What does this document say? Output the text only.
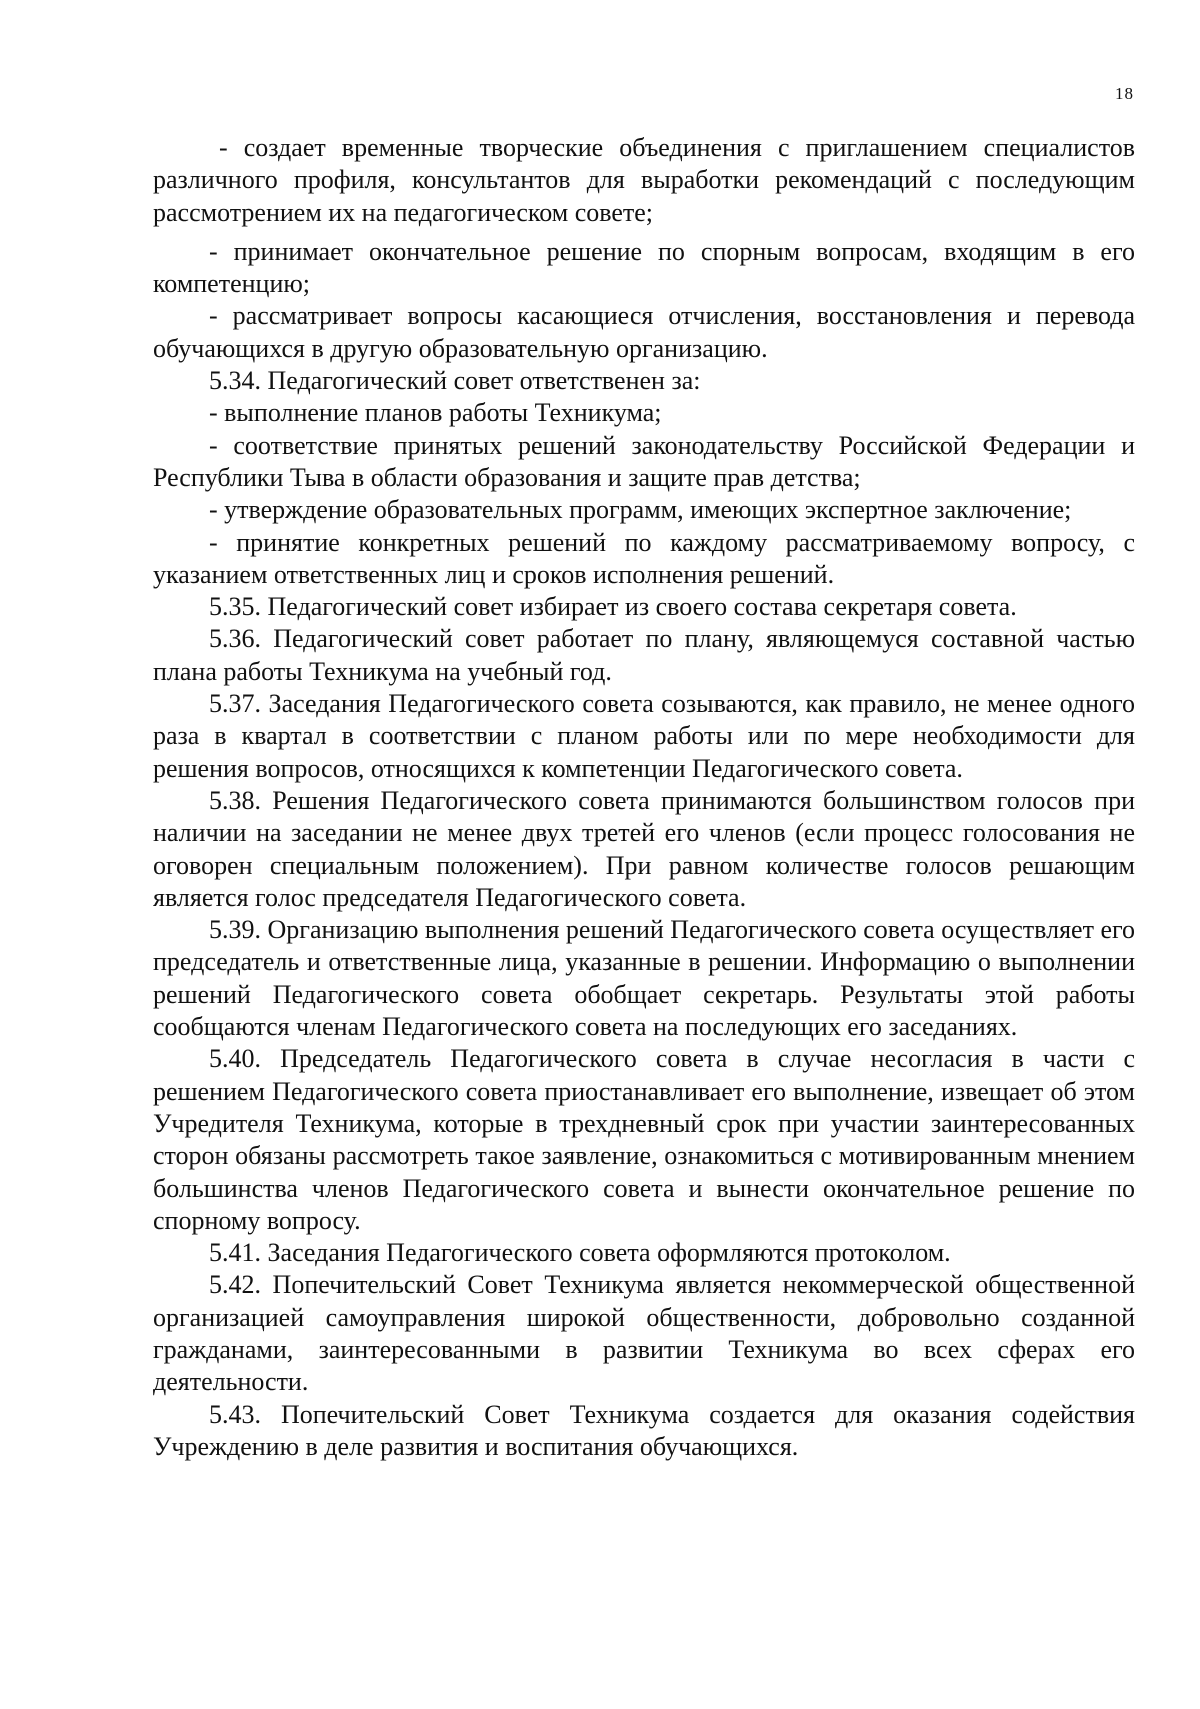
18

- создает временные творческие объединения с приглашением специалистов различного профиля, консультантов для выработки рекомендаций с последующим рассмотрением их на педагогическом совете;

- принимает окончательное решение по спорным вопросам, входящим в его компетенцию;

- рассматривает вопросы касающиеся отчисления, восстановления и перевода обучающихся в другую образовательную организацию.

5.34. Педагогический совет ответственен за:

- выполнение планов работы Техникума;

- соответствие принятых решений законодательству Российской Федерации и Республики Тыва в области образования и защите прав детства;

- утверждение образовательных программ, имеющих экспертное заключение;

- принятие конкретных решений по каждому рассматриваемому вопросу, с указанием ответственных лиц и сроков исполнения решений.

5.35. Педагогический совет избирает из своего состава секретаря совета.

5.36. Педагогический совет работает по плану, являющемуся составной частью плана работы Техникума на учебный год.

5.37. Заседания Педагогического совета созываются, как правило, не менее одного раза в квартал в соответствии с планом работы или по мере необходимости для решения вопросов, относящихся к компетенции Педагогического совета.

5.38. Решения Педагогического совета принимаются большинством голосов при наличии на заседании не менее двух третей его членов (если процесс голосования не оговорен специальным положением). При равном количестве голосов решающим является голос председателя Педагогического совета.

5.39. Организацию выполнения решений Педагогического совета осуществляет его председатель и ответственные лица, указанные в решении. Информацию о выполнении решений Педагогического совета обобщает секретарь. Результаты этой работы сообщаются членам Педагогического совета на последующих его заседаниях.

5.40. Председатель Педагогического совета в случае несогласия в части с решением Педагогического совета приостанавливает его выполнение, извещает об этом Учредителя Техникума, которые в трехдневный срок при участии заинтересованных сторон обязаны рассмотреть такое заявление, ознакомиться с мотивированным мнением большинства членов Педагогического совета и вынести окончательное решение по спорному вопросу.

5.41. Заседания Педагогического совета оформляются протоколом.

5.42. Попечительский Совет Техникума является некоммерческой общественной организацией самоуправления широкой общественности, добровольно созданной гражданами, заинтересованными в развитии Техникума во всех сферах его деятельности.

5.43. Попечительский Совет Техникума создается для оказания содействия Учреждению в деле развития и воспитания обучающихся.
